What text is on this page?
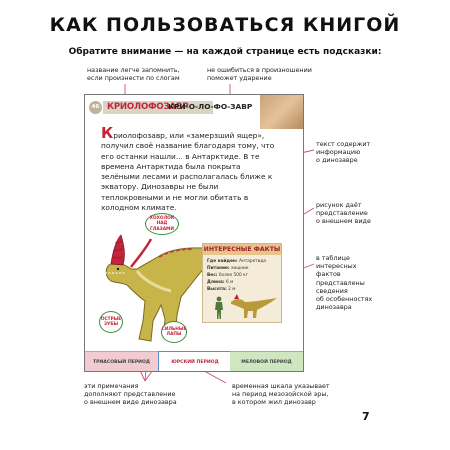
КАК ПОЛЬЗОВАТЬСЯ КНИГОЙ
Обратите внимание — на каждой странице есть подсказки:
название легче запомнить,
если произнести по слогам
не ошибиться в произношении
поможет ударение
текст содержит
информацию
о динозавре
рисунок даёт
представление
о внешнем виде
в таблице
интересных
фактов
представлены
сведения
об особенностях
динозавра
эти примечания
дополняют представление
о внешнем виде динозавра
временная шкала указывает
на период мезозойской эры,
в котором жил динозавр
46 КРИОЛОФОЗАВР
КРИ-О-ЛО-ФО-ЗАВР
Криолофозавр, или «замерзший ящер», получил своё название благодаря тому, что его останки нашли... в Антарктиде. В те времена Антарктида была покрыта зелёными лесами и располагалась ближе к экватору. Динозавры не были теплокровными и не могли обитать в холодном климате.
ХОХОЛОК НАД ГЛАЗАМИ
ОСТРЫЕ ЗУБЫ
СИЛЬНЫЕ ЛАПЫ
ИНТЕРЕСНЫЕ ФАКТЫ
Где найден: Антарктида
Питание: хищник
Вес: более 500 кг
Длина: 6 м
Высота: 2 м
ТРИАСОВЫЙ ПЕРИОД	ЮРСКИЙ ПЕРИОД	МЕЛОВОЙ ПЕРИОД
7
